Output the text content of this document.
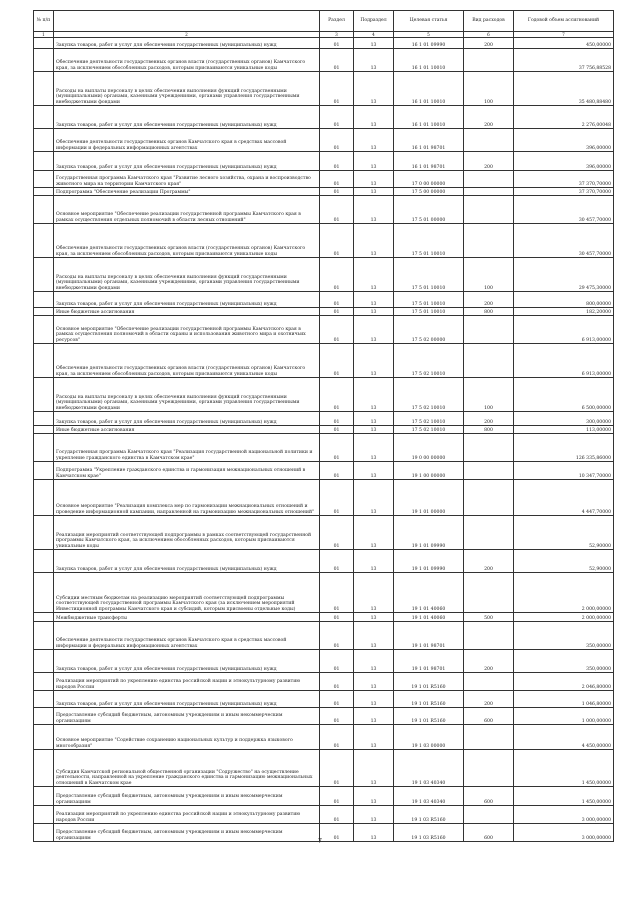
№ п/п		Раздел	Подраздел	Целевая статья	Вид расходов	Годовой объем ассигнований
1	2	3	4	5	6	7
	Закупка товаров, работ и услуг для обеспечения государственных (муниципальных) нужд	01	13	16 1 01 09990	200	450,00000
	Обеспечение деятельности государственных органов власти (государственных органов) Камчатского края, за исключением обособленных расходов, которым присваиваются уникальные коды	01	13	16 1 01 10010		37 756,88528
	Расходы на выплаты персоналу в целях обеспечения выполнения функций государственными (муниципальными) органами, казенными учреждениями, органами управления государственными внебюджетными фондами	01	13	16 1 01 10010	100	35 480,88480
	Закупка товаров, работ и услуг для обеспечения государственных (муниципальных) нужд	01	13	16 1 01 10010	200	2 276,00048
	Обеспечение деятельности государственных органов Камчатского края в средствах массовой информации и федеральных информационных агентствах	01	13	16 1 01 98701		396,00000
	Закупка товаров, работ и услуг для обеспечения государственных (муниципальных) нужд	01	13	16 1 01 98701	200	396,00000
	Государственная программа Камчатского края "Развитие лесного хозяйства, охрана и воспроизводство животного мира на территории Камчатского края"	01	13	17 0 00 00000		37 370,70000
	Подпрограмма "Обеспечение реализации Программы"	01	13	17 5 00 00000		37 370,70000
	Основное мероприятие "Обеспечение реализации государственной программы Камчатского края в рамках осуществления отдельных полномочий в области лесных отношений"	01	13	17 5 01 00000		30 457,70000
	Обеспечение деятельности государственных органов власти (государственных органов) Камчатского края, за исключением обособленных расходов, которым присваиваются уникальные коды	01	13	17 5 01 10010		30 457,70000
	Расходы на выплаты персоналу в целях обеспечения выполнения функций государственными (муниципальными) органами, казенными учреждениями, органами управления государственными внебюджетными фондами	01	13	17 5 01 10010	100	29 475,30000
	Закупка товаров, работ и услуг для обеспечения государственных (муниципальных) нужд	01	13	17 5 01 10010	200	800,00000
	Иные бюджетные ассигнования	01	13	17 5 01 10010	800	182,20000
	Основное мероприятие "Обеспечение реализации государственной программы Камчатского края в рамках осуществления полномочий в области охраны и использования животного мира и охотничьих ресурсов"	01	13	17 5 02 00000		6 913,00000
	Обеспечение деятельности государственных органов власти (государственных органов) Камчатского края, за исключением обособленных расходов, которым присваиваются уникальные коды	01	13	17 5 02 10010		6 913,00000
	Расходы на выплаты персоналу в целях обеспечения выполнения функций государственными (муниципальными) органами, казенными учреждениями, органами управления государственными внебюджетными фондами	01	13	17 5 02 10010	100	6 500,00000
	Закупка товаров, работ и услуг для обеспечения государственных (муниципальных) нужд	01	13	17 5 02 10010	200	300,00000
	Иные бюджетные ассигнования	01	13	17 5 02 10010	800	113,00000
	Государственная программа Камчатского края "Реализация государственной национальной политики и укрепление гражданского единства в Камчатском крае"	01	13	19 0 00 00000		126 335,86000
	Подпрограмма "Укрепление гражданского единства и гармонизация межнациональных отношений в Камчатском крае"	01	13	19 1 00 00000		10 347,70000
	Основное мероприятие "Реализация комплекса мер по гармонизации межнациональных отношений и проведение информационной кампании, направленной на гармонизацию межнациональных отношений"	01	13	19 1 01 00000		4 447,70000
	Реализация мероприятий соответствующей подпрограммы в рамках соответствующей государственной программы Камчатского края, за исключением обособленных расходов, которым присваиваются уникальные коды	01	13	19 1 01 09990		52,90000
	Закупка товаров, работ и услуг для обеспечения государственных (муниципальных) нужд	01	13	19 1 01 09990	200	52,90000
	Субсидии местным бюджетам на реализацию мероприятий соответствующей подпрограммы соответствующей государственной программы Камчатского края (за исключением мероприятий Инвестиционной программы Камчатского края и субсидий, которым присвоены отдельные коды)	01	13	19 1 01 40060		2 000,00000
	Межбюджетные трансферты	01	13	19 1 01 40060	500	2 000,00000
	Обеспечение деятельности государственных органов Камчатского края в средствах массовой информации и федеральных информационных агентствах	01	13	19 1 01 98701		350,00000
	Закупка товаров, работ и услуг для обеспечения государственных (муниципальных) нужд	01	13	19 1 01 98701	200	350,00000
	Реализация мероприятий по укреплению единства российской нации и этнокультурному развитию народов России	01	13	19 1 01 R5160		2 046,80000
	Закупка товаров, работ и услуг для обеспечения государственных (муниципальных) нужд	01	13	19 1 01 R5160	200	1 046,80000
	Предоставление субсидий бюджетным, автономным учреждениям и иным некоммерческим организациям	01	13	19 1 01 R5160	600	1 000,00000
	Основное мероприятие "Содействие сохранению национальных культур и поддержка языкового многообразия"	01	13	19 1 03 00000		4 450,00000
	Субсидия Камчатской региональной общественной организации "Содружество" на осуществление деятельности, направленной на укрепление гражданского единства и гармонизацию межнациональных отношений в Камчатском крае	01	13	19 1 03 40340		1 450,00000
	Предоставление субсидий бюджетным, автономным учреждениям и иным некоммерческим организациям	01	13	19 1 03 40340	600	1 450,00000
	Реализация мероприятий по укреплению единства российской нации и этнокультурному развитию народов России	01	13	19 1 03 R5160		3 000,00000
	Предоставление субсидий бюджетным, автономным учреждениям и иным некоммерческим организациям	01	13	19 1 03 R5160	600	3 000,00000
7
